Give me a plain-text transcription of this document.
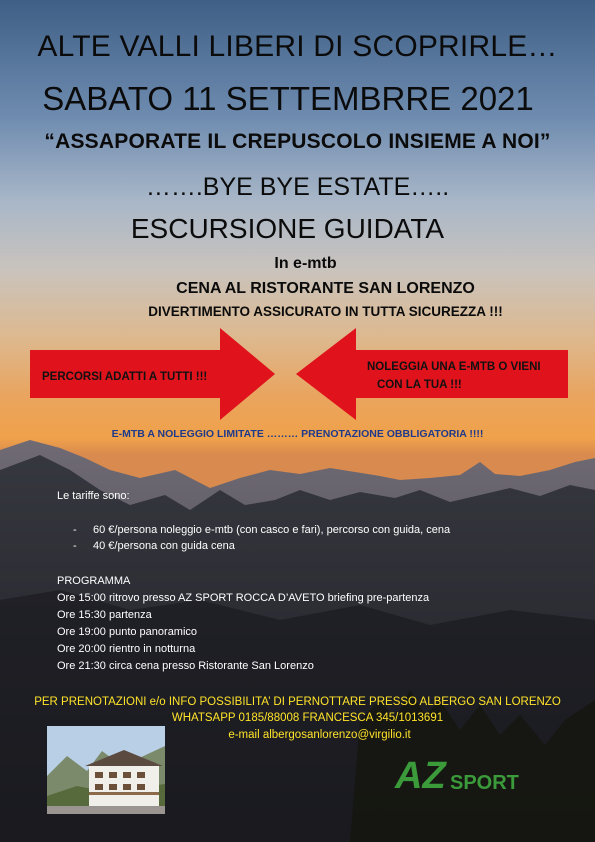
ALTE VALLI LIBERI DI SCOPRIRLE…
SABATO 11 SETTEMBRRE 2021
“ASSAPORATE IL CREPUSCOLO INSIEME A NOI”
…….BYE BYE ESTATE…..
ESCURSIONE GUIDATA
In e-mtb
CENA AL RISTORANTE SAN LORENZO
DIVERTIMENTO ASSICURATO IN TUTTA SICUREZZA !!!
PERCORSI ADATTI A TUTTI !!!
NOLEGGIA UNA E-MTB O VIENI
CON LA TUA !!!
E-MTB A NOLEGGIO LIMITATE ……… PRENOTAZIONE OBBLIGATORIA !!!!
Le tariffe sono:
- 60 €/persona noleggio e-mtb (con casco e fari), percorso con guida, cena
- 40 €/persona con guida cena
PROGRAMMA
Ore 15:00 ritrovo presso AZ SPORT ROCCA D’AVETO briefing pre-partenza
Ore 15:30 partenza
Ore 19:00 punto panoramico
Ore 20:00 rientro in notturna
Ore 21:30 circa cena presso Ristorante San Lorenzo
PER PRENOTAZIONI e/o INFO POSSIBILITA’ DI PERNOTTARE PRESSO ALBERGO SAN LORENZO
WHATSAPP 0185/88008 FRANCESCA 345/1013691
e-mail albergosanlorenzo@virgilio.it
AZ SPORT
